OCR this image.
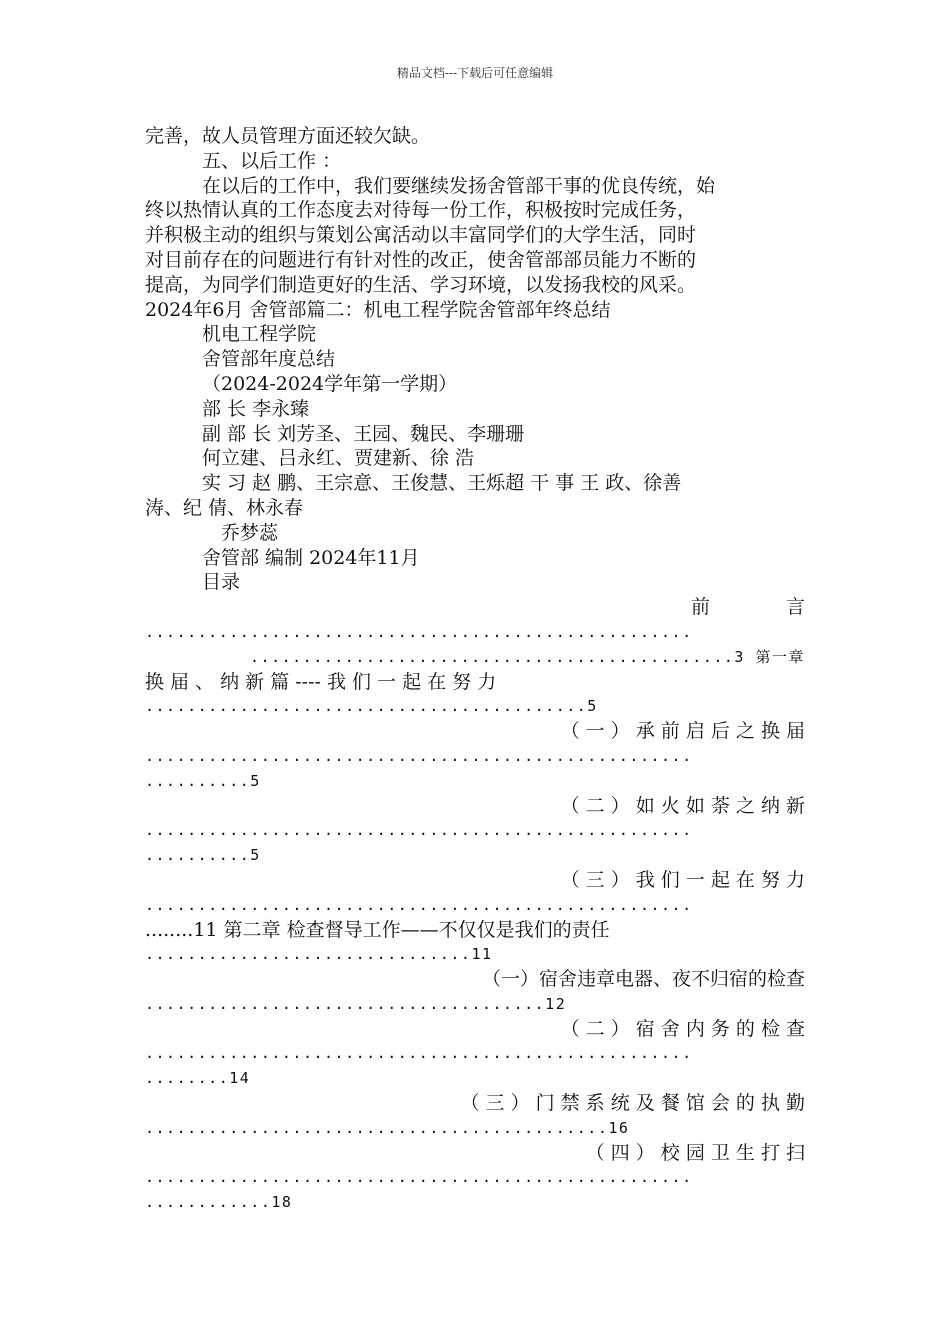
精品文档---下载后可任意编辑
完善，故人员管理方面还较欠缺。
五、以后工作 ：
在以后的工作中，我们要继续发扬舍管部干事的优良传统，始
终以热情认真的工作态度去对待每一份工作，积极按时完成任务，
并积极主动的组织与策划公寓活动以丰富同学们的大学生活，同时
对目前存在的问题进行有针对性的改正，使舍管部部员能力不断的
提高，为同学们制造更好的生活、学习环境，以发扬我校的风采。
2024年6月 舍管部篇二：机电工程学院舍管部年终总结
机电工程学院
舍管部年度总结
（2024-2024学年第一学期）
部 长 李永臻
副 部 长 刘芳圣、王园、魏民、李珊珊
何立建、吕永红、贾建新、徐 浩
实 习 赵 鹏、王宗意、王俊慧、王烁超 干 事 王 政、徐善
涛、纪 倩、林永春
乔梦蕊
舍管部 编制 2024年11月
目录
前　　　　言
....................................................
..............................................3 第一章
换 届 、 纳 新 篇 ---- 我 们 一 起 在 努 力
..........................................5
（ 一 ） 承 前 启 后 之 换 届
....................................................
..........5
（ 二 ） 如 火 如 荼 之 纳 新
....................................................
..........5
（ 三 ） 我 们 一 起 在 努 力
....................................................
........11 第二章 检查督导工作——不仅仅是我们的责任
...............................11
（一）宿舍违章电器、夜不归宿的检查
......................................12
（ 二 ） 宿 舍 内 务 的 检 查
....................................................
........14
（ 三 ） 门 禁 系 统 及 餐 馆 会 的 执 勤
............................................16
（ 四 ） 校 园 卫 生 打 扫
....................................................
............18
